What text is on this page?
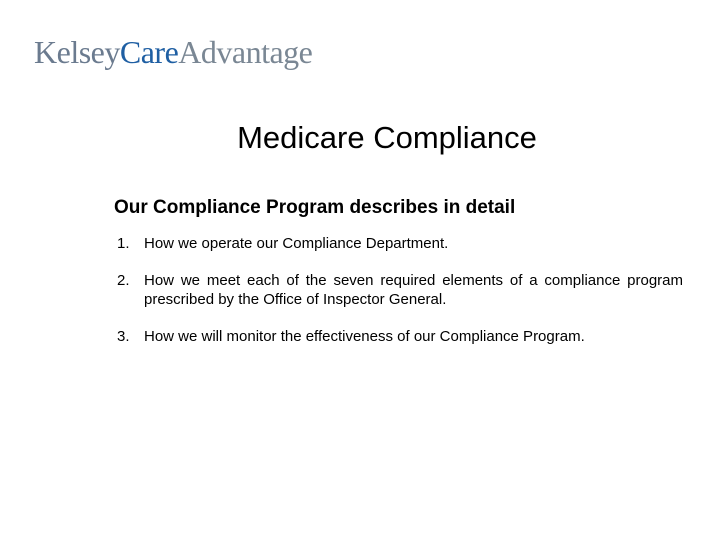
KelseyCareAdvantage
Medicare Compliance
Our Compliance Program describes in detail
1. How we operate our Compliance Department.
2. How we meet each of the seven required elements of a compliance program prescribed by the Office of Inspector General.
3. How we will monitor the effectiveness of our Compliance Program.
